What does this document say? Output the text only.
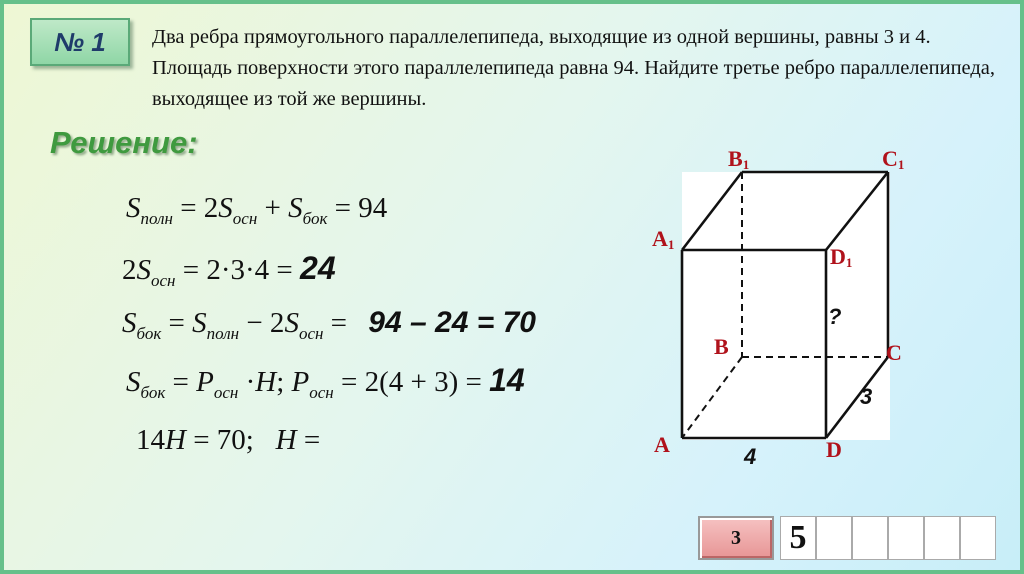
№ 1	Два ребра прямоугольного параллелепипеда, выходящие из одной вершины, равны 3 и 4. Площадь поверхности этого параллелепипеда равна 94. Найдите третье ребро параллелепипеда, выходящее из той же вершины.
Решение:
$S_{полн} = 2S_{осн} + S_{бок} = 94$
$2S_{осн} = 2\cdot 3\cdot 4 = 24$
$S_{бок} = S_{полн} - 2S_{осн} = 94 - 24 = 70$
$S_{бок} = P_{осн} \cdot H$; $P_{осн} = 2(4 + 3) = 14$
14H = 70; H =
B1	C1
A1	D1
B	C
A	D
?
3
4
3	5
